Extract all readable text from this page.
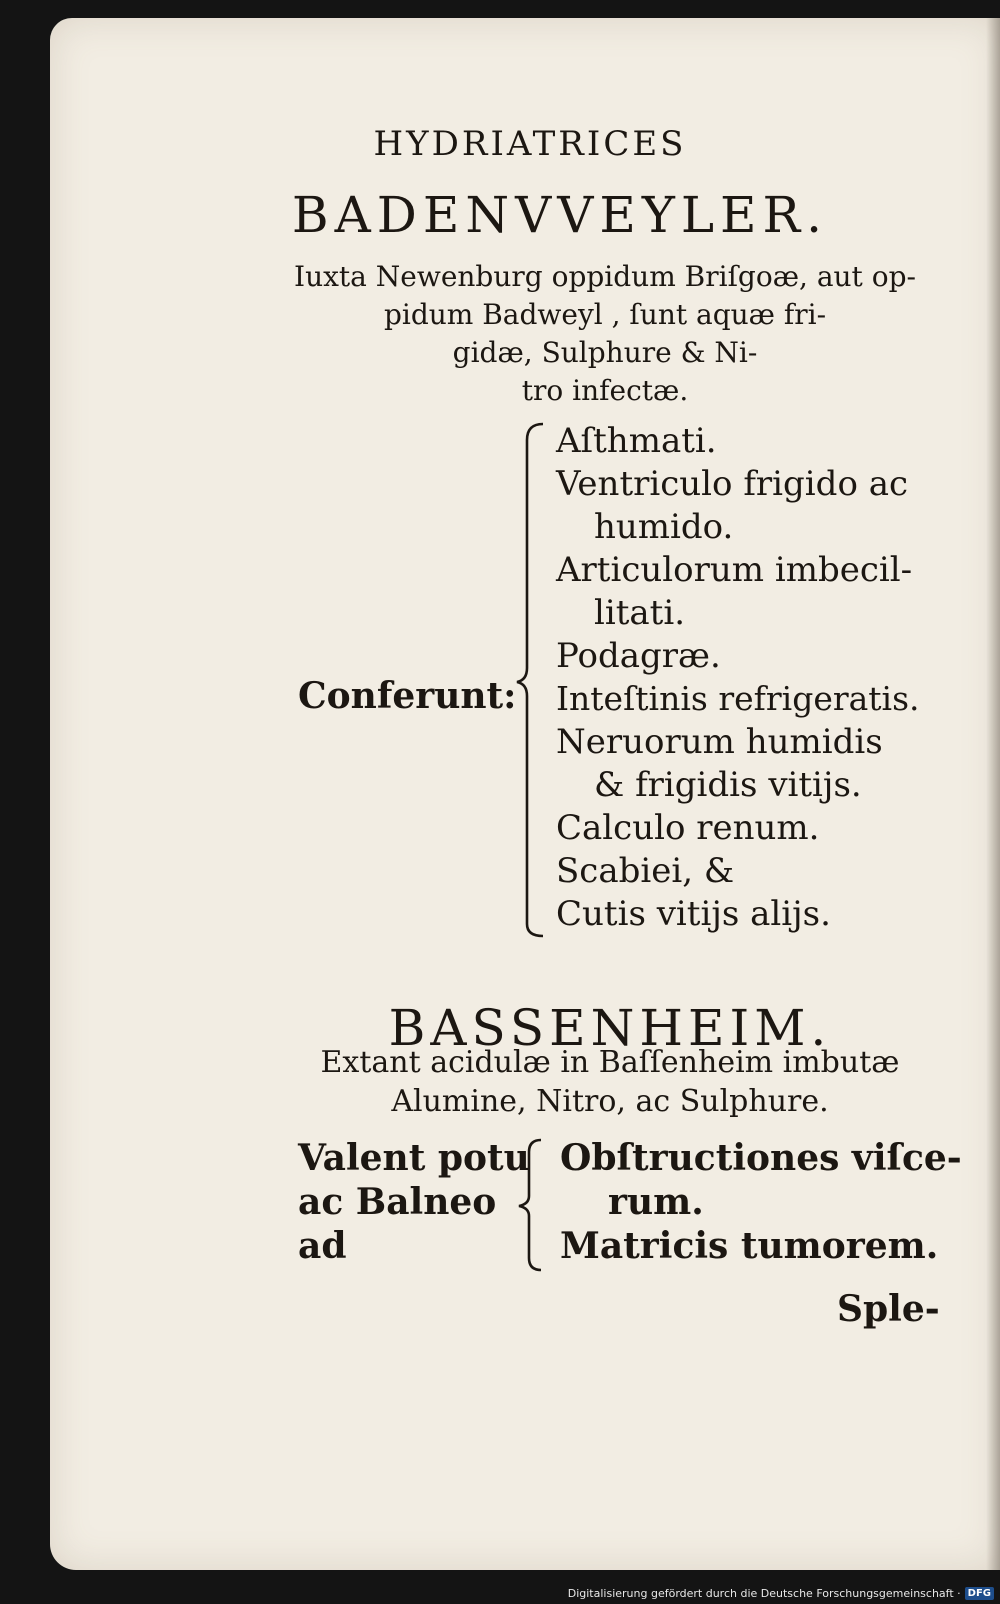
HYDRIATRICES
BADENVVEYLER.
Iuxta Newenburg oppidum Briſgoæ, aut op-
pidum Badweyl , ſunt aquæ fri-
gidæ, Sulphure & Ni-
tro infectæ.
Conferunt:
Aſthmati.
Ventriculo frigido ac
humido.
Articulorum imbecil-
litati.
Podagræ.
Inteſtinis refrigeratis.
Neruorum humidis
& frigidis vitijs.
Calculo renum.
Scabiei, &
Cutis vitijs alijs.
BASSENHEIM.
Extant acidulæ in Baſſenheim imbutæ
Alumine, Nitro, ac Sulphure.
Valent potu
ac Balneo
ad
Obſtructiones viſce-
rum.
Matricis tumorem.
Sple-
Digitalisierung gefördert durch die Deutsche Forschungsgemeinschaft · DFG
